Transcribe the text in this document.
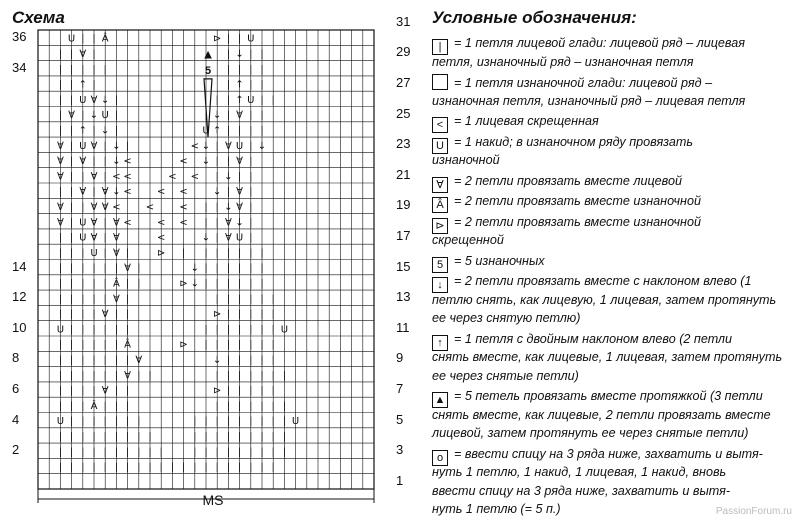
U | | Â	⊳ | | U
| | ∀ |	| ↓ | |
| | | | |	| | | |
| | ↑ |	| ↑ | |
| | U ∀ ↓ |	| | ↑ U | |
| ∀ | ↓ U |	| ↓ | ∀ | |
| | ↑ | ↓ |	U ↑ | | | |
∀ | U ∀ | ↓ |	< ↓ | ∀ U | ↓
∀ | ∀ | | ↓ <	< ↓ | | ∀ |
∀ | | ∀ | < <	< < | ↓ | |
| | ∀ | ∀ ↓ <	< <	↓ | ∀ |
∀ | | ∀ ∀ <	<	< | | ↓ ∀ |
∀ | U ∀ | ∀ <	< < | | ∀ ↓ |
| | U ∀ | ∀	<	↓ | ∀ U |
| | | U | ∀ |	⊳ | | | | | | |
| | | | | | ∀ |	↓ | | | | | |
| | | | | Â | |	⊳ ↓ | | | | | |
| | | | | ∀ |	| | | | | |
| | | | ∀ | |	⊳ | | | | |
U | | | | | |	| | | | | | | U
| | | | | | Â	⊳ | | | | | | |
| | | | | | | ∀	↓ | | | | |
| | | | | | ∀ | |	| | | | | | |
| | | | ∀ | |	⊳ | | | | |
| | | Â | | |	| | | | | | |
U | | | | | | |	| | | | | | | | | U
| | | | | | | | |	| | | | | | | | |
| | | | | | | | | |	| | | | | | | | |
| | | | | | | | | | | | | | | | | | | |
▲
5
MS
Схема	Условные обозначения:
36
34
14
12
10
8
6
4
2
31
29
27
25
23
21
19
17
15
13
11
9
7
5
3
1
| = 1 петля лицевой глади: лицевой ряд – лицевая
петля, изнаночный ряд – изнаночная петля
= 1 петля изнаночной глади: лицевой ряд –
изнаночная петля, изнаночный ряд – лицевая петля
< = 1 лицевая скрещенная
U = 1 накид; в изнаночном ряду провязать
изнаночной
∀ = 2 петли провязать вместе лицевой
Â = 2 петли провязать вместе изнаночной
⊳ = 2 петли провязать вместе изнаночной
скрещенной
5 = 5 изнаночных
↓ = 2 петли провязать вместе с наклоном влево (1
петлю снять, как лицевую, 1 лицевая, затем протянуть
ее через снятую петлю)
↑ = 1 петля с двойным наклоном влево (2 петли
снять вместе, как лицевые, 1 лицевая, затем протянуть
ее через снятые петли)
▲ = 5 петель провязать вместе протяжкой (3 петли
снять вместе, как лицевые, 2 петли провязать вместе
лицевой, затем протянуть ее через снятые петли)
o = ввести спицу на 3 ряда ниже, захватить и вытя-
нуть 1 петлю, 1 накид, 1 лицевая, 1 накид, вновь
ввести спицу на 3 ряда ниже, захватить и вытя-
нуть 1 петлю (= 5 п.)	PassionForum.ru
